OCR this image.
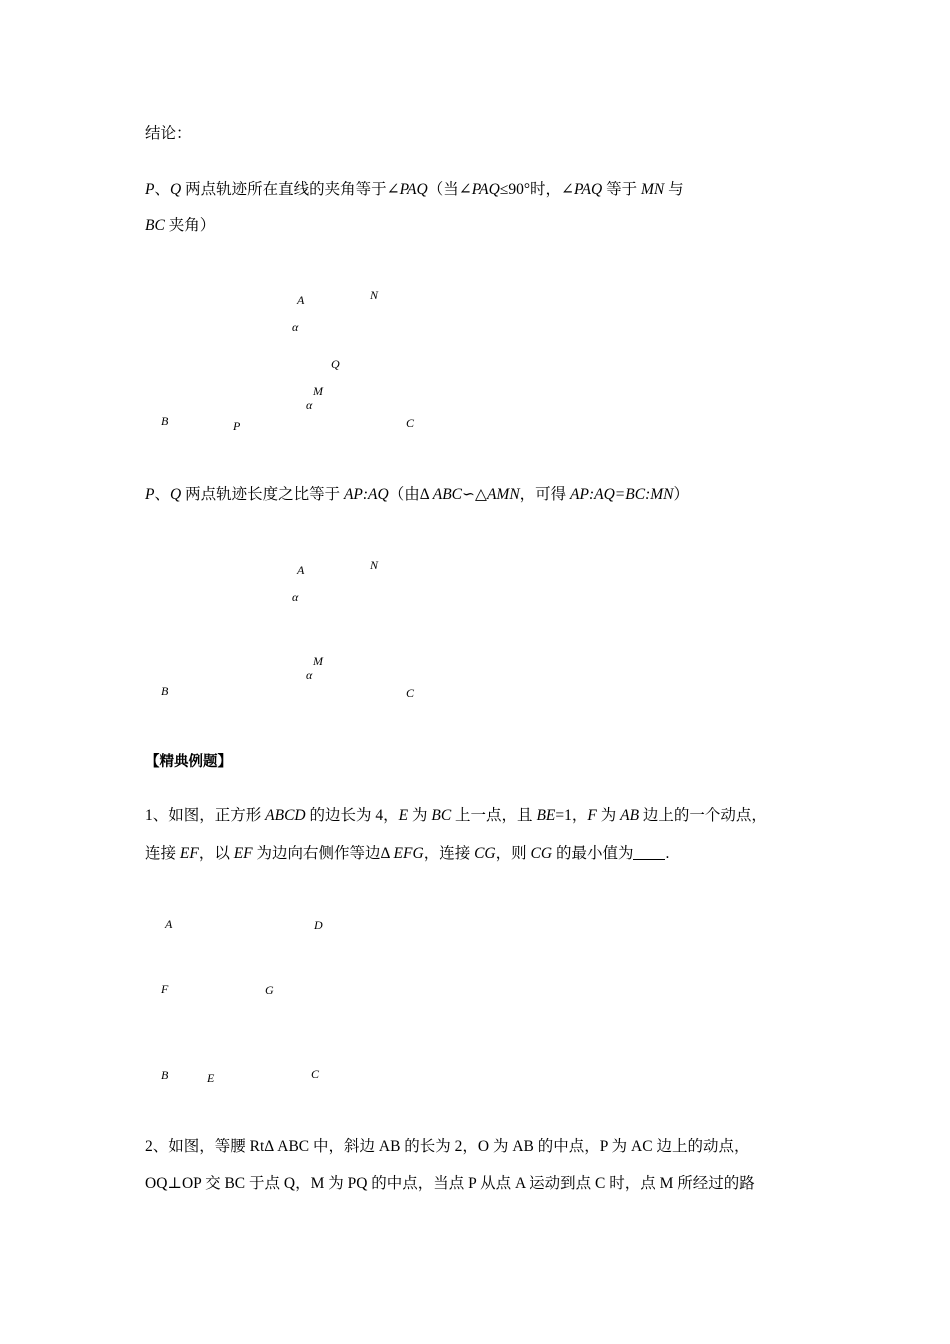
结论：
P、Q 两点轨迹所在直线的夹角等于∠PAQ（当∠PAQ≤90°时，∠PAQ 等于 MN 与
BC 夹角）
A	N
α
Q
M
α
B	P	C
P、Q 两点轨迹长度之比等于 AP:AQ（由Δ ABC∽△AMN，可得 AP:AQ=BC:MN）
A	N
α
M
α
B	C
【精典例题】
1、如图，正方形 ABCD 的边长为 4，E 为 BC 上一点，且 BE=1，F 为 AB 边上的一个动点，
连接 EF，以 EF 为边向右侧作等边Δ EFG，连接 CG，则 CG 的最小值为 .
A	D
F	G
B	E	C
2、如图，等腰 RtΔ ABC 中，斜边 AB 的长为 2，O 为 AB 的中点，P 为 AC 边上的动点，
OQ⊥OP 交 BC 于点 Q，M 为 PQ 的中点，当点 P 从点 A 运动到点 C 时，点 M 所经过的路
